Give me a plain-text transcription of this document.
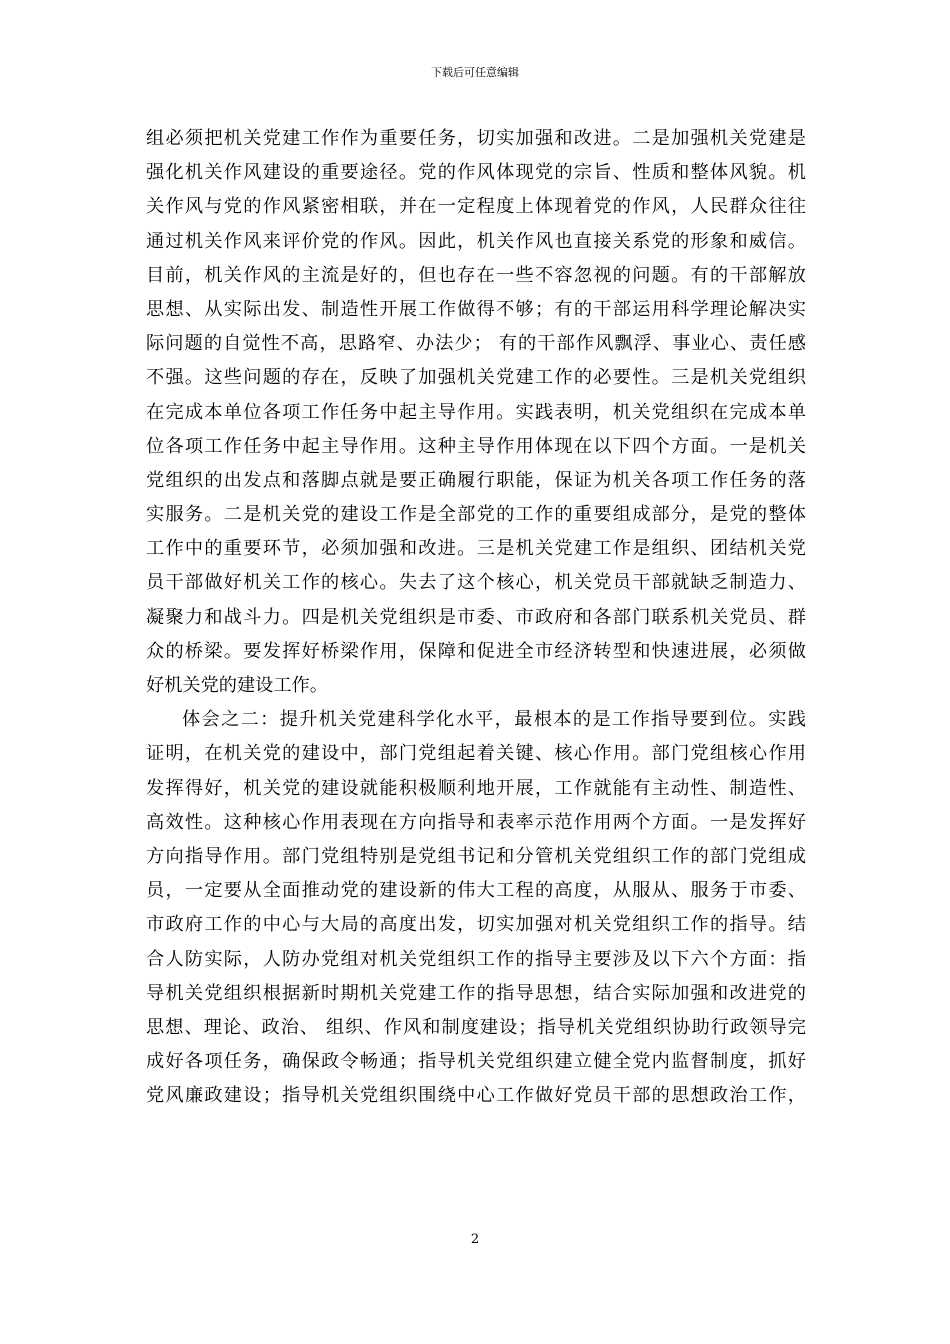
下载后可任意编辑
组必须把机关党建工作作为重要任务，切实加强和改进。二是加强机关党建是
强化机关作风建设的重要途径。党的作风体现党的宗旨、性质和整体风貌。机
关作风与党的作风紧密相联，并在一定程度上体现着党的作风，人民群众往往
通过机关作风来评价党的作风。因此，机关作风也直接关系党的形象和威信。
目前，机关作风的主流是好的，但也存在一些不容忽视的问题。有的干部解放
思想、从实际出发、制造性开展工作做得不够；有的干部运用科学理论解决实
际问题的自觉性不高，思路窄、办法少； 有的干部作风飘浮、事业心、责任感
不强。这些问题的存在，反映了加强机关党建工作的必要性。三是机关党组织
在完成本单位各项工作任务中起主导作用。实践表明，机关党组织在完成本单
位各项工作任务中起主导作用。这种主导作用体现在以下四个方面。一是机关
党组织的出发点和落脚点就是要正确履行职能，保证为机关各项工作任务的落
实服务。二是机关党的建设工作是全部党的工作的重要组成部分，是党的整体
工作中的重要环节，必须加强和改进。三是机关党建工作是组织、团结机关党
员干部做好机关工作的核心。失去了这个核心，机关党员干部就缺乏制造力、
凝聚力和战斗力。四是机关党组织是市委、市政府和各部门联系机关党员、群
众的桥梁。要发挥好桥梁作用，保障和促进全市经济转型和快速进展，必须做
好机关党的建设工作。
体会之二：提升机关党建科学化水平，最根本的是工作指导要到位。实践
证明，在机关党的建设中，部门党组起着关键、核心作用。部门党组核心作用
发挥得好，机关党的建设就能积极顺利地开展，工作就能有主动性、制造性、
高效性。这种核心作用表现在方向指导和表率示范作用两个方面。一是发挥好
方向指导作用。部门党组特别是党组书记和分管机关党组织工作的部门党组成
员，一定要从全面推动党的建设新的伟大工程的高度，从服从、服务于市委、
市政府工作的中心与大局的高度出发，切实加强对机关党组织工作的指导。结
合人防实际，人防办党组对机关党组织工作的指导主要涉及以下六个方面：指
导机关党组织根据新时期机关党建工作的指导思想，结合实际加强和改进党的
思想、理论、政治、 组织、作风和制度建设；指导机关党组织协助行政领导完
成好各项任务，确保政令畅通；指导机关党组织建立健全党内监督制度，抓好
党风廉政建设；指导机关党组织围绕中心工作做好党员干部的思想政治工作，
2
